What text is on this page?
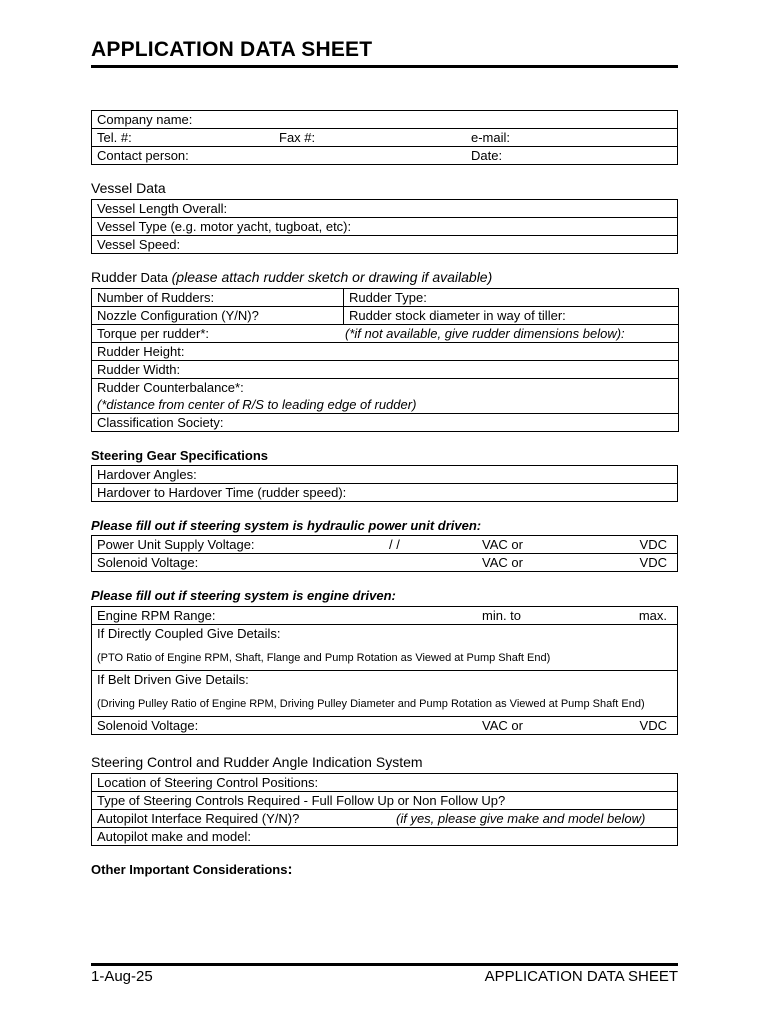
APPLICATION DATA SHEET
Company name:

Tel. #:	Fax #:	e-mail:

Contact person:	Date:
Vessel Data
Vessel Length Overall:
Vessel Type (e.g. motor yacht, tugboat, etc):
Vessel Speed:
Rudder Data (please attach rudder sketch or drawing if available)
Number of Rudders:	Rudder Type:
Nozzle Configuration (Y/N)?	Rudder stock diameter in way of tiller:

Torque per rudder*: (*if not available, give rudder dimensions below):	

Rudder Height:	
Rudder Width:	

Rudder Counterbalance*:
(*distance from center of R/S to leading edge of rudder)	

Classification Society:	
Steering Gear Specifications
Hardover Angles:
Hardover to Hardover Time (rudder speed):
Please fill out if steering system is hydraulic power unit driven:
Power Unit Supply Voltage:	/ /	VAC or	VDC

Solenoid Voltage:	VAC or	VDC
Please fill out if steering system is engine driven:
Engine RPM Range:	min. to	max.

If Directly Coupled Give Details:
(PTO Ratio of Engine RPM, Shaft, Flange and Pump Rotation as Viewed at Pump Shaft End)

If Belt Driven Give Details:
(Driving Pulley Ratio of Engine RPM, Driving Pulley Diameter and Pump Rotation as Viewed at Pump Shaft End)

Solenoid Voltage:	VAC or	VDC
Steering Control and Rudder Angle Indication System
Location of Steering Control Positions:
Type of Steering Controls Required - Full Follow Up or Non Follow Up?

Autopilot Interface Required (Y/N)?	(if yes, please give make and model below)

Autopilot make and model:
Other Important Considerations:
1-Aug-25	APPLICATION DATA SHEET
